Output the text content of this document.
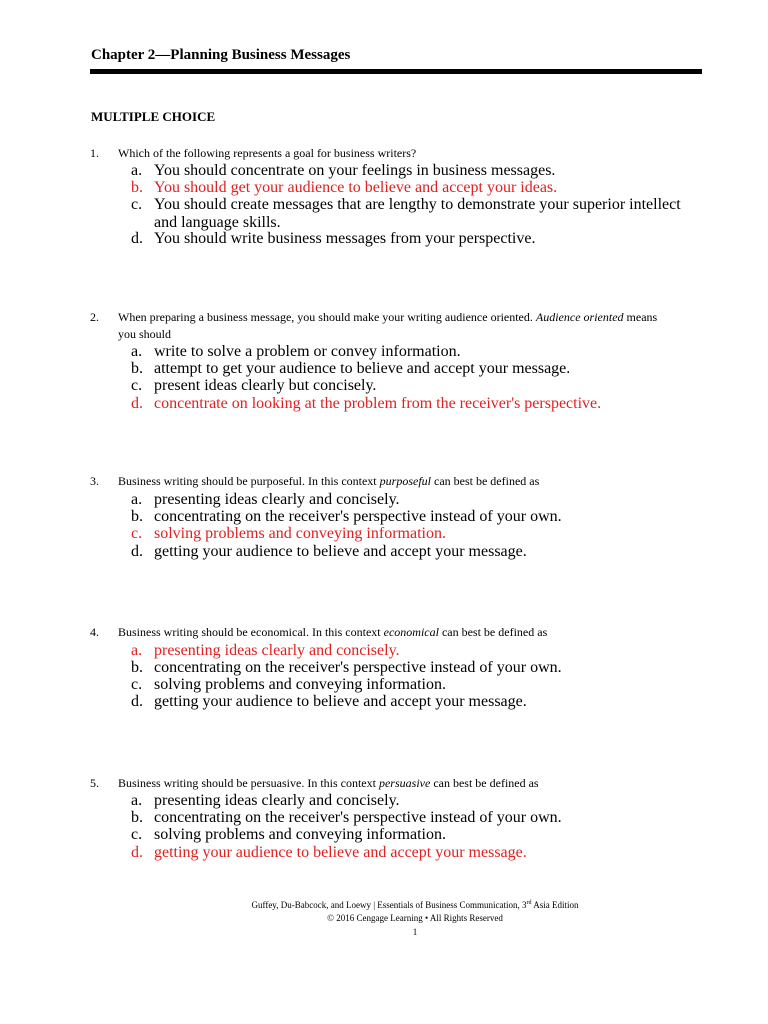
Chapter 2—Planning Business Messages
MULTIPLE CHOICE
1. Which of the following represents a goal for business writers?
a. You should concentrate on your feelings in business messages.
b. You should get your audience to believe and accept your ideas.
c. You should create messages that are lengthy to demonstrate your superior intellect and language skills.
d. You should write business messages from your perspective.
2. When preparing a business message, you should make your writing audience oriented. Audience oriented means you should
a. write to solve a problem or convey information.
b. attempt to get your audience to believe and accept your message.
c. present ideas clearly but concisely.
d. concentrate on looking at the problem from the receiver's perspective.
3. Business writing should be purposeful. In this context purposeful can best be defined as
a. presenting ideas clearly and concisely.
b. concentrating on the receiver's perspective instead of your own.
c. solving problems and conveying information.
d. getting your audience to believe and accept your message.
4. Business writing should be economical. In this context economical can best be defined as
a. presenting ideas clearly and concisely.
b. concentrating on the receiver's perspective instead of your own.
c. solving problems and conveying information.
d. getting your audience to believe and accept your message.
5. Business writing should be persuasive. In this context persuasive can best be defined as
a. presenting ideas clearly and concisely.
b. concentrating on the receiver's perspective instead of your own.
c. solving problems and conveying information.
d. getting your audience to believe and accept your message.
Guffey, Du-Babcock, and Loewy | Essentials of Business Communication, 3rd Asia Edition
© 2016 Cengage Learning • All Rights Reserved
1
